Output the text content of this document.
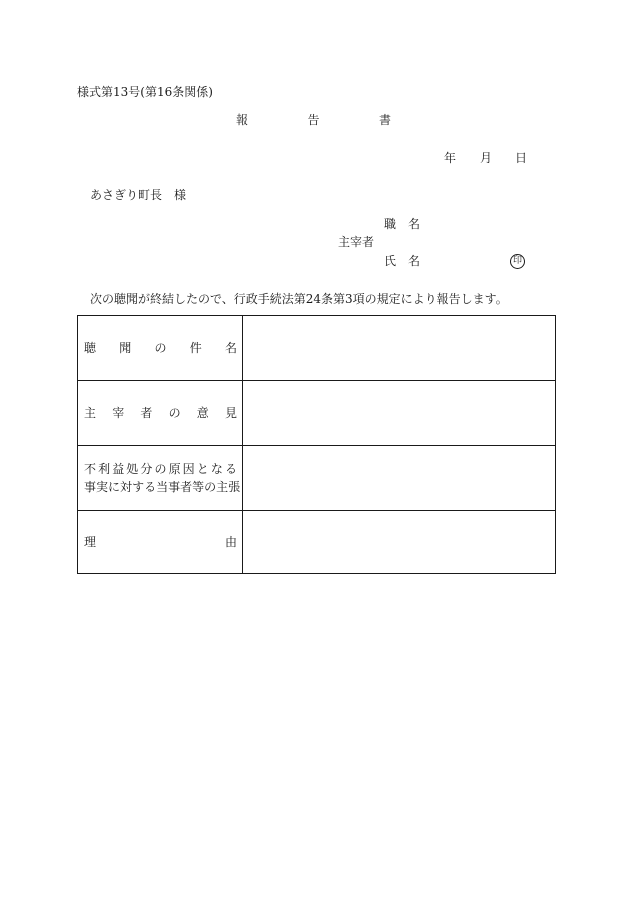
様式第13号(第16条関係)
報	告	書
年 月 日
あさぎり町長　様
職　名
主宰者
氏　名	印
次の聴聞が終結したので、行政手続法第24条第3項の規定により報告します。
聴 聞 の 件 名
主 宰 者 の 意 見
不 利 益 処 分 の 原 因 と な る
事 実 に 対 す る 当 事 者 等 の 主 張
理	由
